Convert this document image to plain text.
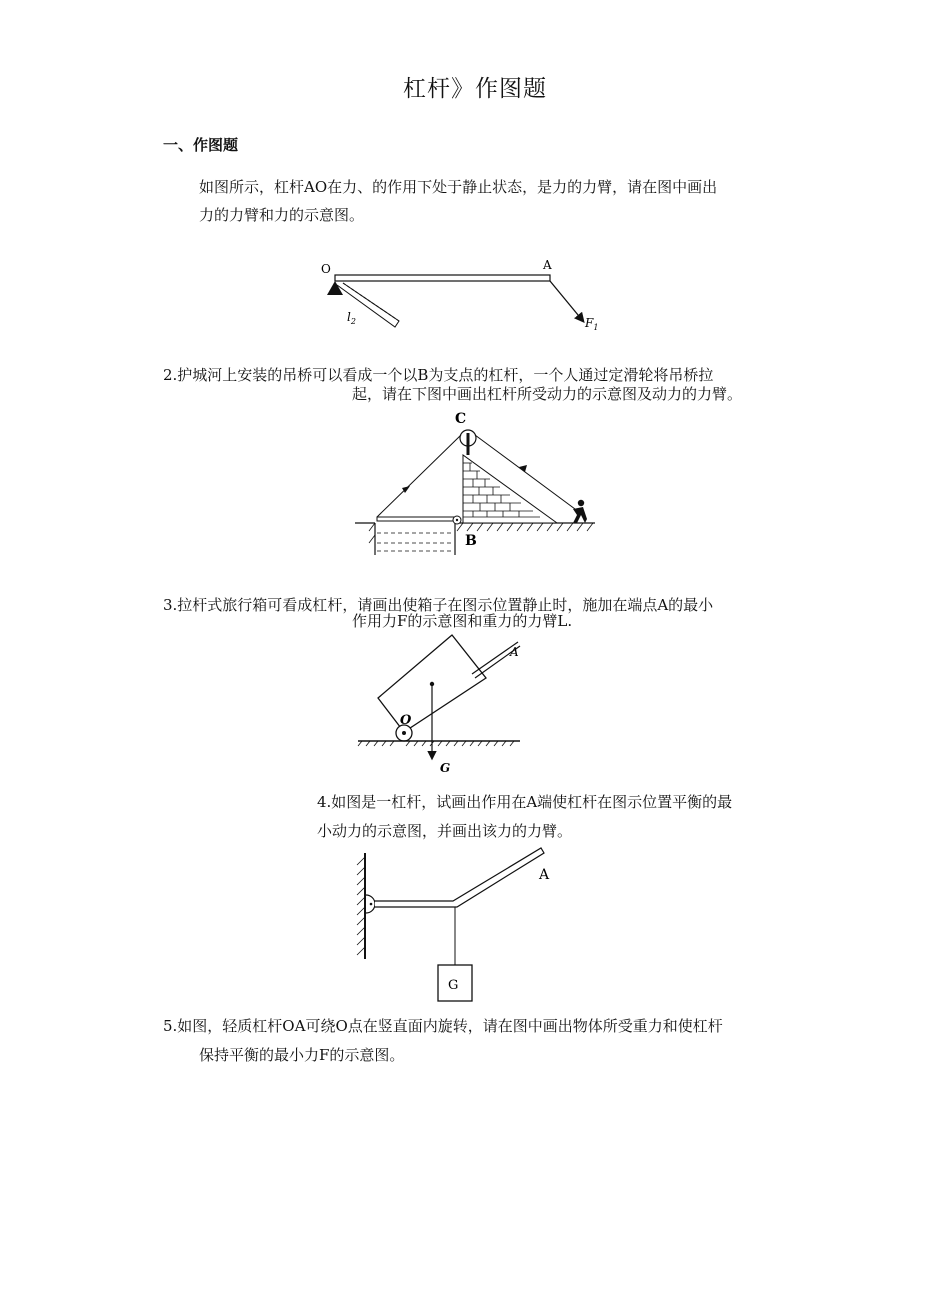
杠杆》作图题
一、作图题
如图所示，杠杆AO在力、的作用下处于静止状态，是力的力臂，请在图中画出
力的力臂和力的示意图。
O	A
$l_2$	$F_1$
2.护城河上安装的吊桥可以看成一个以B为支点的杠杆，一个人通过定滑轮将吊桥拉
起，请在下图中画出杠杆所受动力的示意图及动力的力臂。
C
B
3.拉杆式旅行箱可看成杠杆，请画出使箱子在图示位置静止时，施加在端点A的最小
作用力F的示意图和重力的力臂L.
A
O
G
4.如图是一杠杆，试画出作用在A端使杠杆在图示位置平衡的最
小动力的示意图，并画出该力的力臂。
G
A
5.如图，轻质杠杆OA可绕O点在竖直面内旋转，请在图中画出物体所受重力和使杠杆
保持平衡的最小力F的示意图。
